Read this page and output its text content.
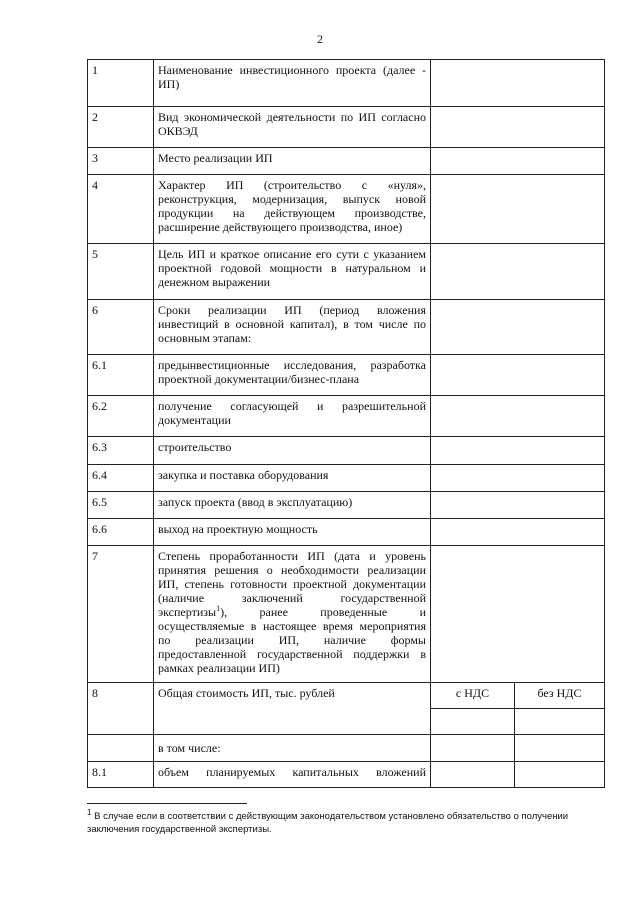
2
1	Наименование инвестиционного проекта (далее - ИП)		
2	Вид экономической деятельности по ИП согласно ОКВЭД		
3	Место реализации ИП		
4	Характер ИП (строительство с «нуля», реконструкция, модернизация, выпуск новой продукции на действующем производстве, расширение действующего производства, иное)		
5	Цель ИП и краткое описание его сути с указанием проектной годовой мощности в натуральном и денежном выражении		
6	Сроки реализации ИП (период вложения инвестиций в основной капитал), в том числе по основным этапам:		
6.1	предынвестиционные исследования, разработка проектной документации/бизнес-плана		
6.2	получение согласующей и разрешительной документации		
6.3	строительство		
6.4	закупка и поставка оборудования		
6.5	запуск проекта (ввод в эксплуатацию)		
6.6	выход на проектную мощность		
7	Степень проработанности ИП (дата и уровень принятия решения о необходимости реализации ИП, степень готовности проектной документации (наличие заключений государственной экспертизы$^1$), ранее проведенные и осуществляемые в настоящее время мероприятия по реализации ИП, наличие формы предоставленной государственной поддержки в рамках реализации ИП)		
8	Общая стоимость ИП, тыс. рублей	с НДС	без НДС

	в том числе:		
8.1	объем планируемых капитальных вложений		
$^1$ В случае если в соответствии с действующим законодательством установлено обязательство о получении заключения государственной экспертизы.
